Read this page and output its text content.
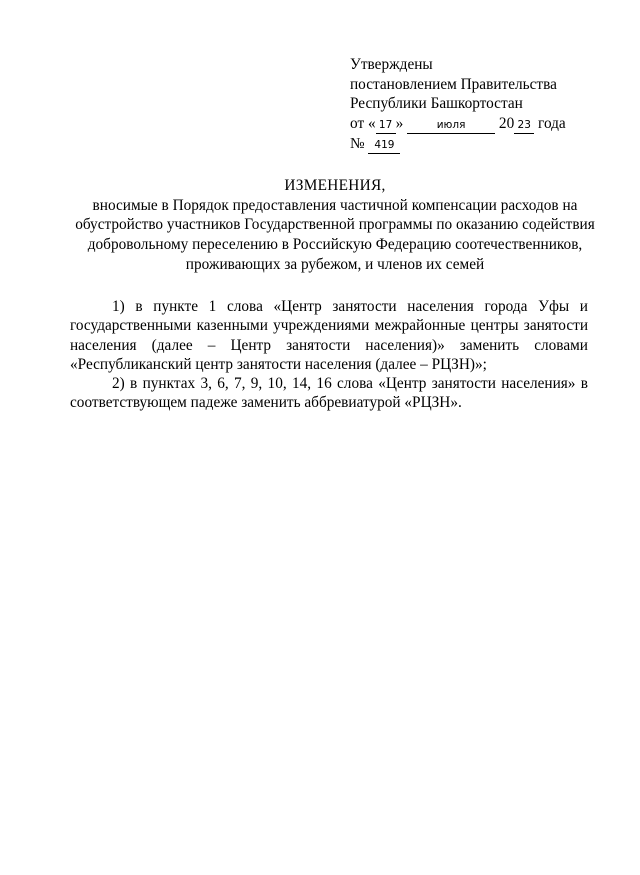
Утверждены
постановлением Правительства
Республики Башкортостан
от « 17 »	июля 20 23 года
№ 419
ИЗМЕНЕНИЯ,
вносимые в Порядок предоставления частичной компенсации расходов на обустройство участников Государственной программы по оказанию содействия добровольному переселению в Российскую Федерацию соотечественников, проживающих за рубежом, и членов их семей

1) в пункте 1 слова «Центр занятости населения города Уфы и государственными казенными учреждениями межрайонные центры занятости населения (далее – Центр занятости населения)» заменить словами «Республиканский центр занятости населения (далее – РЦЗН)»;

2) в пунктах 3, 6, 7, 9, 10, 14, 16 слова «Центр занятости населения» в соответствующем падеже заменить аббревиатурой «РЦЗН».
